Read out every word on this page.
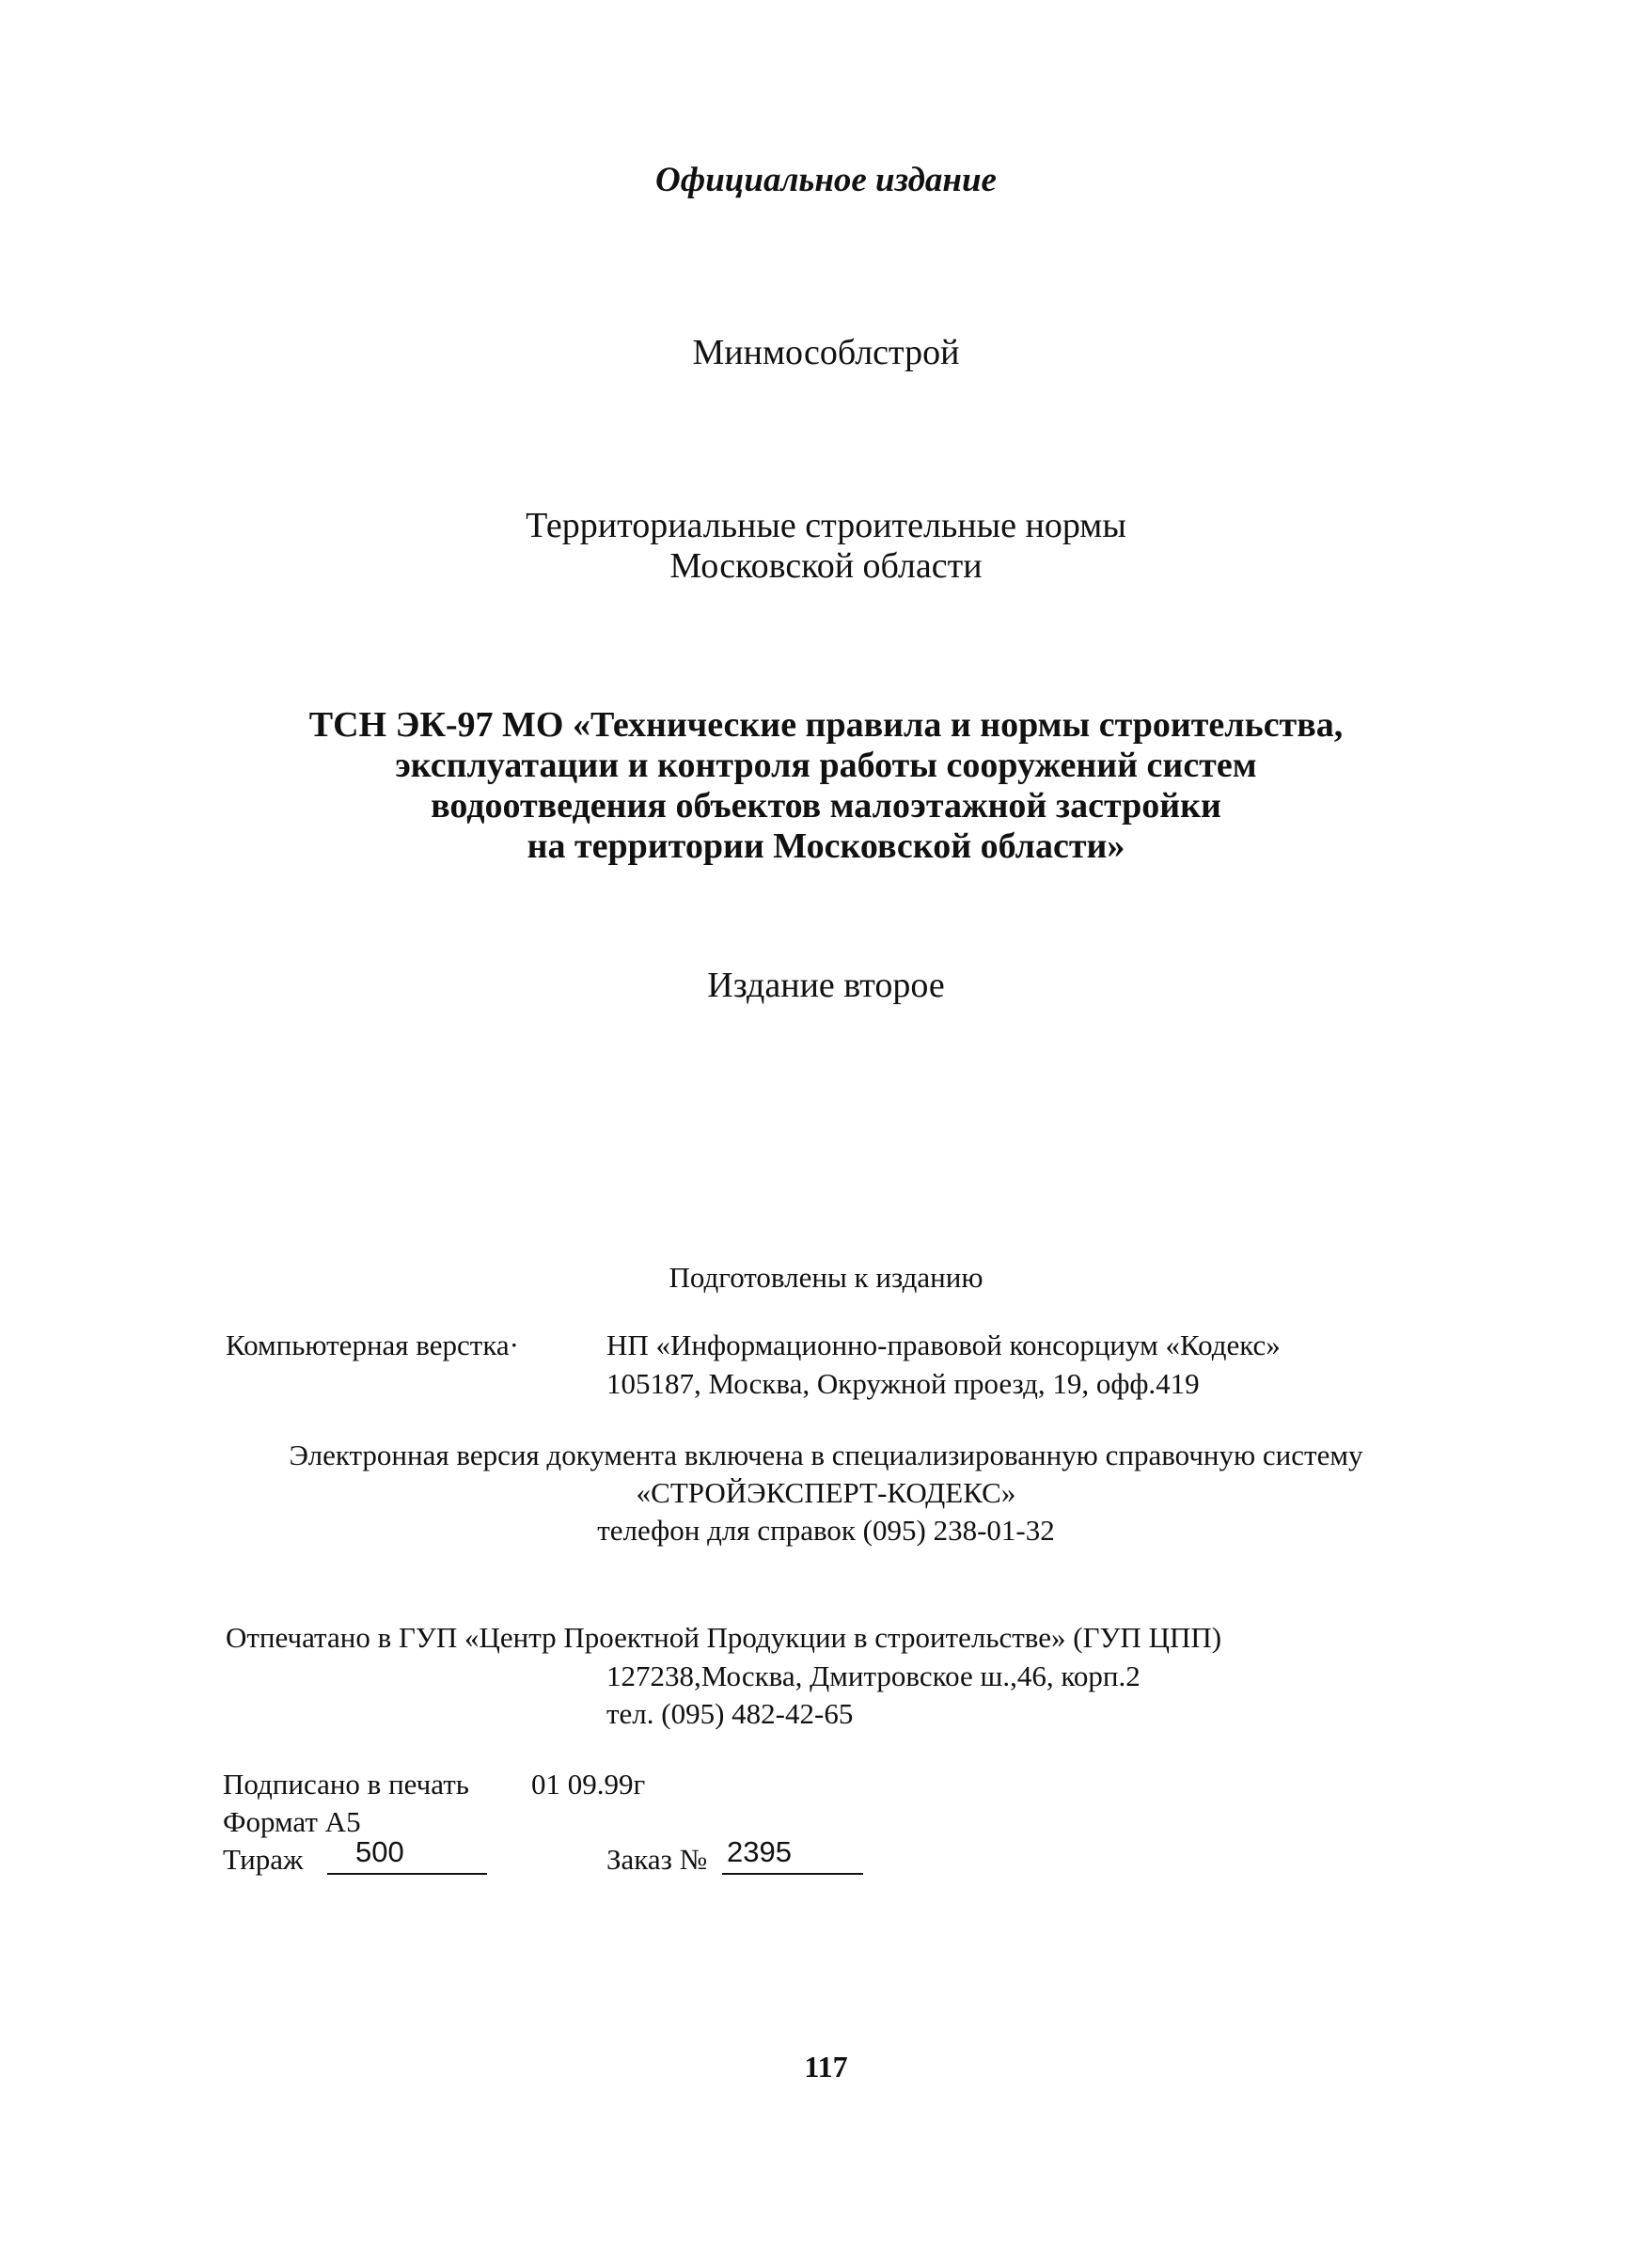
Официальное издание
Минмособлстрой
Территориальные строительные нормы
Московской области
ТСН ЭК-97 МО «Технические правила и нормы строительства,
эксплуатации и контроля работы сооружений систем
водоотведения объектов малоэтажной застройки
на территории Московской области»
Издание второе
Подготовлены к изданию
Компьютерная верстка·	НП «Информационно-правовой консорциум «Кодекс»
105187, Москва, Окружной проезд, 19, офф.419
Электронная версия документа включена в специализированную справочную систему
«СТРОЙЭКСПЕРТ-КОДЕКС»
телефон для справок (095) 238-01-32
Отпечатано в ГУП «Центр Проектной Продукции в строительстве» (ГУП ЦПП)
127238,Москва, Дмитровское ш.,46, корп.2
тел. (095) 482-42-65
Подписано в печать 01 09.99г
Формат А5
Тираж 500	Заказ № 2395
117
